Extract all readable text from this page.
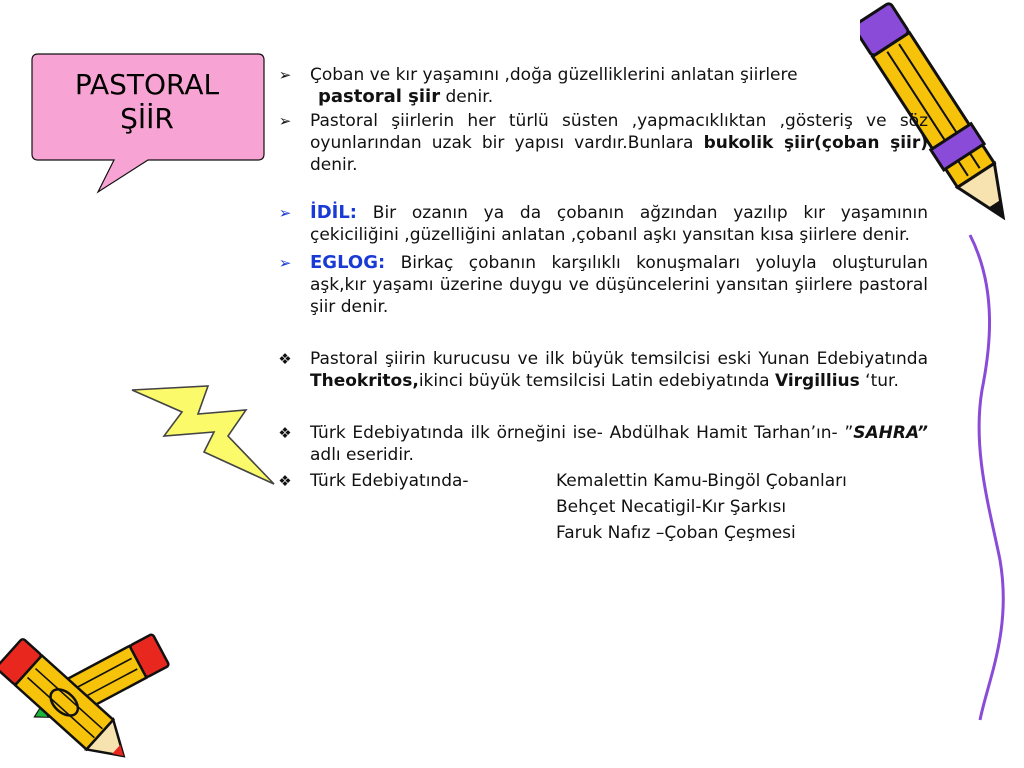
PASTORAL
ŞİİR
➢ Çoban ve kır yaşamını ,doğa güzelliklerini anlatan şiirlere
pastoral şiir denir.
➢ Pastoral şiirlerin her türlü süsten ,yapmacıklıktan ,gösteriş ve söz oyunlarından uzak bir yapısı vardır.Bunlara bukolik şiir(çoban şiir) denir.
➢ İDİL: Bir ozanın ya da çobanın ağzından yazılıp kır yaşamının çekiciliğini ,güzelliğini anlatan ,çobanıl aşkı yansıtan kısa şiirlere denir.
➢ EGLOG: Birkaç çobanın karşılıklı konuşmaları yoluyla oluşturulan aşk,kır yaşamı üzerine duygu ve düşüncelerini yansıtan şiirlere pastoral şiir denir.
❖ Pastoral şiirin kurucusu ve ilk büyük temsilcisi eski Yunan Edebiyatında Theokritos,ikinci büyük temsilcisi Latin edebiyatında Virgillius ‘tur.
❖ Türk Edebiyatında ilk örneğini ise- Abdülhak Hamit Tarhan’ın- ”SAHRA” adlı eseridir.
❖ Türk Edebiyatında-	Kemalettin Kamu-Bingöl Çobanları
Behçet Necatigil-Kır Şarkısı
Faruk Nafız –Çoban Çeşmesi
